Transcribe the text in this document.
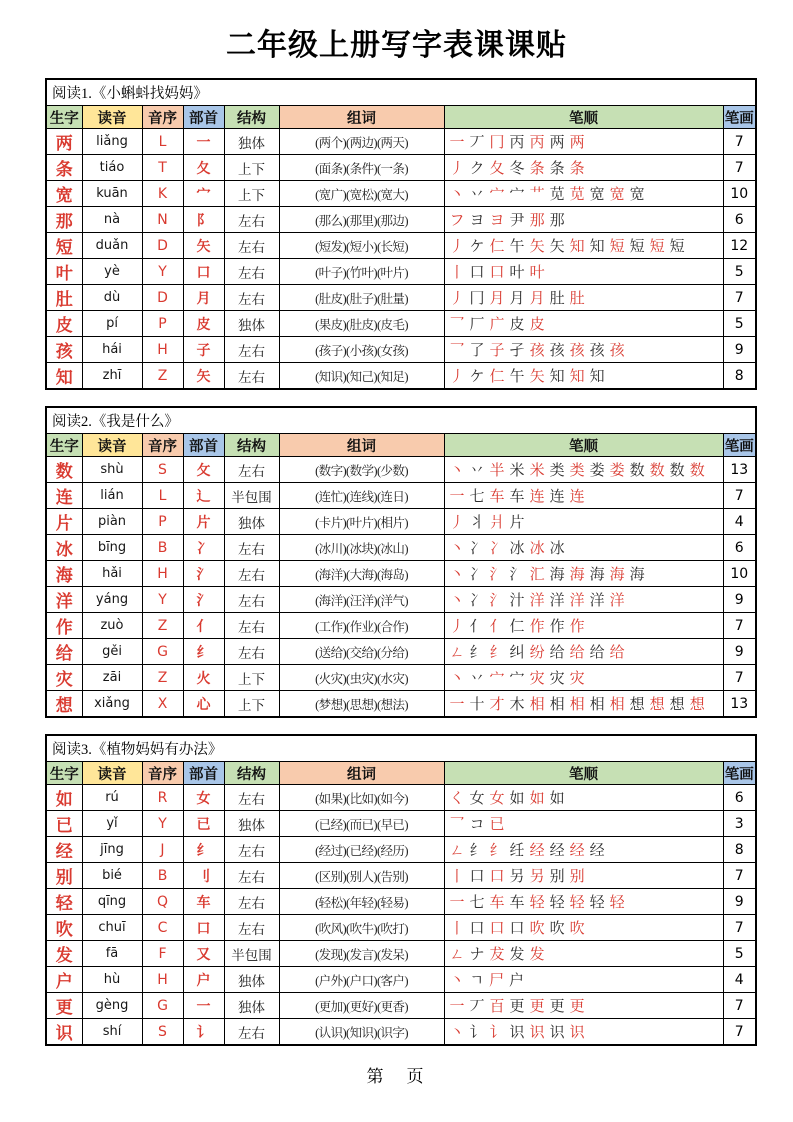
二年级上册写字表课课贴
阅读1.《小蝌蚪找妈妈》							
生字	读音	音序	部首	结构	组词	笔顺	笔画
两	liǎng	L	一	独体	(两个)(两边)(两天)	一 丆 冂 丙 丙 两 两	7
条	tiáo	T	夂	上下	(面条)(条件)(一条)	丿 ク 夂 冬 条 条 条	7
宽	kuān	K	宀	上下	(宽广)(宽松)(宽大)	丶 丷 宀 宀 艹 苋 苋 宽 宽 宽	10
那	nà	N	阝	左右	(那么)(那里)(那边)	フ ヨ ヨ 尹 那 那	6
短	duǎn	D	矢	左右	(短发)(短小)(长短)	丿 ケ 仁 午 矢 矢 知 知 短 短 短 短	12
叶	yè	Y	口	左右	(叶子)(竹叶)(叶片)	丨 口 口 叶 叶	5
肚	dù	D	月	左右	(肚皮)(肚子)(肚量)	丿 冂 月 月 月 肚 肚	7
皮	pí	P	皮	独体	(果皮)(肚皮)(皮毛)	乛 厂 广 皮 皮	5
孩	hái	H	子	左右	(孩子)(小孩)(女孩)	乛 了 子 孑 孩 孩 孩 孩 孩	9
知	zhī	Z	矢	左右	(知识)(知己)(知足)	丿 ケ 仁 午 矢 知 知 知	8
阅读2.《我是什么》							
生字	读音	音序	部首	结构	组词	笔顺	笔画
数	shù	S	攵	左右	(数字)(数学)(少数)	丶 丷 半 米 米 类 类 娄 娄 数 数 数 数	13
连	lián	L	辶	半包围	(连忙)(连线)(连日)	一 七 车 车 连 连 连	7
片	piàn	P	片	独体	(卡片)(叶片)(相片)	丿 丬 爿 片	4
冰	bīng	B	冫	左右	(冰川)(冰块)(冰山)	丶 冫 冫 冰 冰 冰	6
海	hǎi	H	氵	左右	(海洋)(大海)(海岛)	丶 冫 氵 氵 汇 海 海 海 海 海	10
洋	yáng	Y	氵	左右	(海洋)(汪洋)(洋气)	丶 冫 氵 汁 洋 洋 洋 洋 洋	9
作	zuò	Z	亻	左右	(工作)(作业)(合作)	丿 亻 亻 仁 作 作 作	7
给	gěi	G	纟	左右	(送给)(交给)(分给)	ㄥ 纟 纟 纠 纷 给 给 给 给	9
灾	zāi	Z	火	上下	(火灾)(虫灾)(水灾)	丶 丷 宀 宀 灾 灾 灾	7
想	xiǎng	X	心	上下	(梦想)(思想)(想法)	一 十 才 木 相 相 相 相 相 想 想 想 想	13
阅读3.《植物妈妈有办法》							
生字	读音	音序	部首	结构	组词	笔顺	笔画
如	rú	R	女	左右	(如果)(比如)(如今)	く 女 女 如 如 如	6
已	yǐ	Y	已	独体	(已经)(而已)(早已)	乛 コ 已	3
经	jīng	J	纟	左右	(经过)(已经)(经历)	ㄥ 纟 纟 纴 经 经 经 经	8
别	bié	B	刂	左右	(区别)(别人)(告别)	丨 口 口 另 另 别 别	7
轻	qīng	Q	车	左右	(轻松)(年轻)(轻易)	一 七 车 车 轻 轻 轻 轻 轻	9
吹	chuī	C	口	左右	(吹风)(吹牛)(吹打)	丨 口 口 口 吹 吹 吹	7
发	fā	F	又	半包围	(发现)(发言)(发呆)	ㄥ ナ 犮 发 发	5
户	hù	H	户	独体	(户外)(户口)(客户)	丶 ㄱ 尸 户	4
更	gèng	G	一	独体	(更加)(更好)(更香)	一 丆 百 更 更 更 更	7
识	shí	S	讠	左右	(认识)(知识)(识字)	丶 讠 讠 识 识 识 识	7
第　页
